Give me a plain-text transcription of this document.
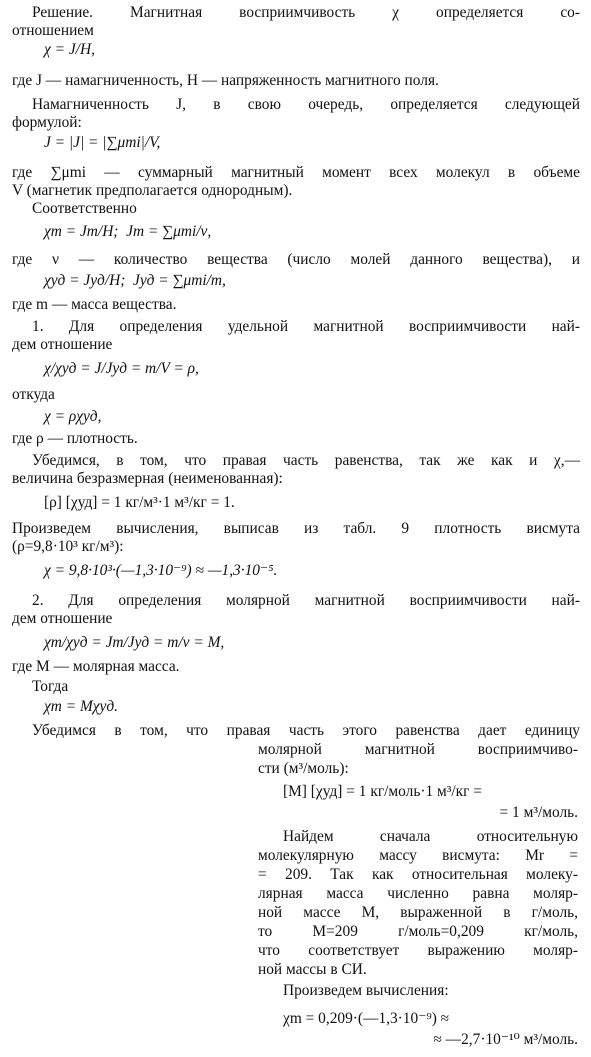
Решение. Магнитная восприимчивость χ определяется со-

отношением

χ = J/H,

где J — намагниченность, H — напряженность магнитного поля.

Намагниченность J, в свою очередь, определяется следующей

формулой:

J = |J| = |∑μmi|/V,

где ∑μmi — суммарный магнитный момент всех молекул в объеме

V (магнетик предполагается однородным).

Соответственно

χm = Jm/H;  Jm = ∑μmi/ν,

где ν — количество вещества (число молей данного вещества), и

χуд = Jуд/H;  Jуд = ∑μmi/m,

где m — масса вещества.

1. Для определения удельной магнитной восприимчивости най-

дем отношение

χ/χуд = J/Jуд = m/V = ρ,

откуда

χ = ρχуд,

где ρ — плотность.

Убедимся, в том, что правая часть равенства, так же как и χ,—

величина безразмерная (неименованная):

[ρ] [χуд] = 1 кг/м³·1 м³/кг = 1.

Произведем вычисления, выписав из табл. 9 плотность висмута

(ρ=9,8·10³ кг/м³):

χ = 9,8·10³·(—1,3·10⁻⁹) ≈ —1,3·10⁻⁵.

2. Для определения молярной магнитной восприимчивости най-

дем отношение

χm/χуд = Jm/Jуд = m/ν = M,

где M — молярная масса.

Тогда

χm = Mχуд.

Убедимся в том, что правая часть этого равенства дает единицу

молярной  магнитной  восприимчиво-

сти (м³/моль):

[M] [χуд] = 1 кг/моль·1 м³/кг =

= 1 м³/моль.

Найдем   сначала   относительную

молекулярную массу висмута: Mr =

= 209. Так как относительная молеку-

лярная масса численно равна моляр-

ной массе M, выраженной в г/моль,

то   M=209   г/моль=0,209   кг/моль,

что соответствует выражению моляр-

ной массы в СИ.

Произведем вычисления:

χm = 0,209·(—1,3·10⁻⁹) ≈

≈ —2,7·10⁻¹⁰ м³/моль.
